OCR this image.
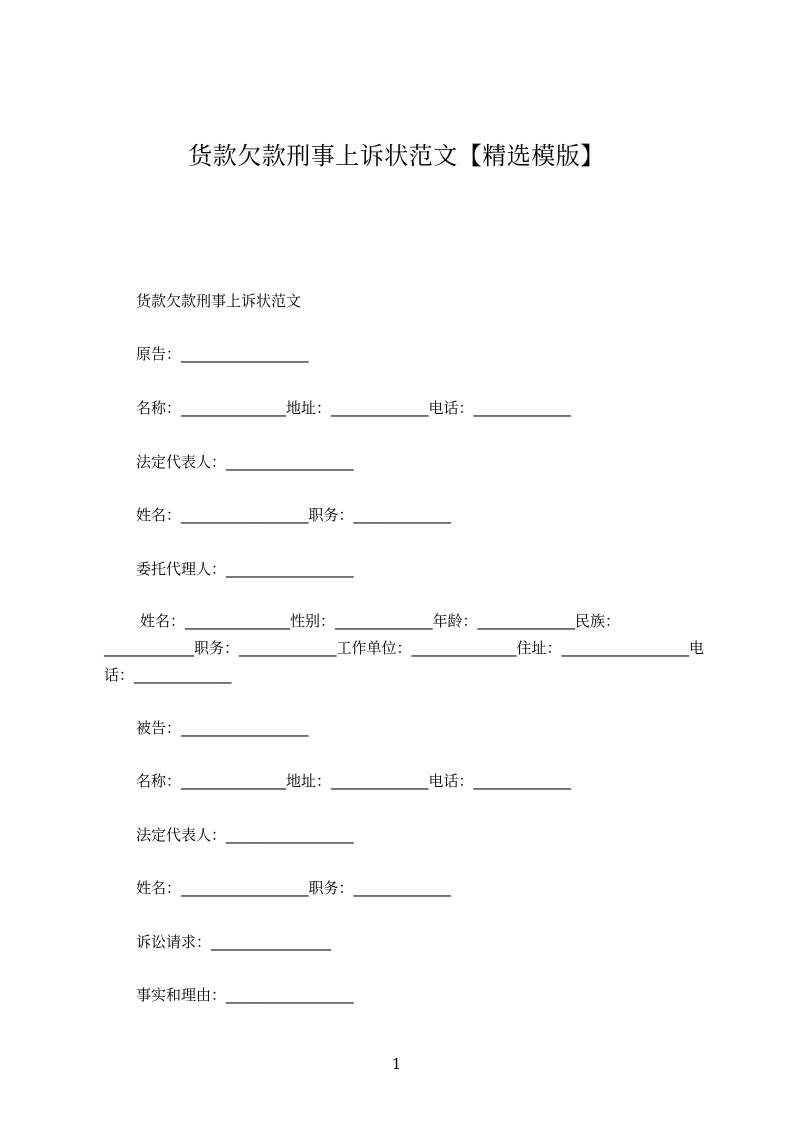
货款欠款刑事上诉状范文【精选模版】
货款欠款刑事上诉状范文
原告：_________________
名称：______________地址：_____________电话：_____________
法定代表人：_________________
姓名：_________________职务：_____________
委托代理人：_________________
姓名：______________性别：_____________年龄：_____________民族：____________职务：_____________工作单位：______________住址：_________________电话：_____________
被告：_________________
名称：______________地址：_____________电话：_____________
法定代表人：_________________
姓名：_________________职务：_____________
诉讼请求：________________
事实和理由：_________________
1
